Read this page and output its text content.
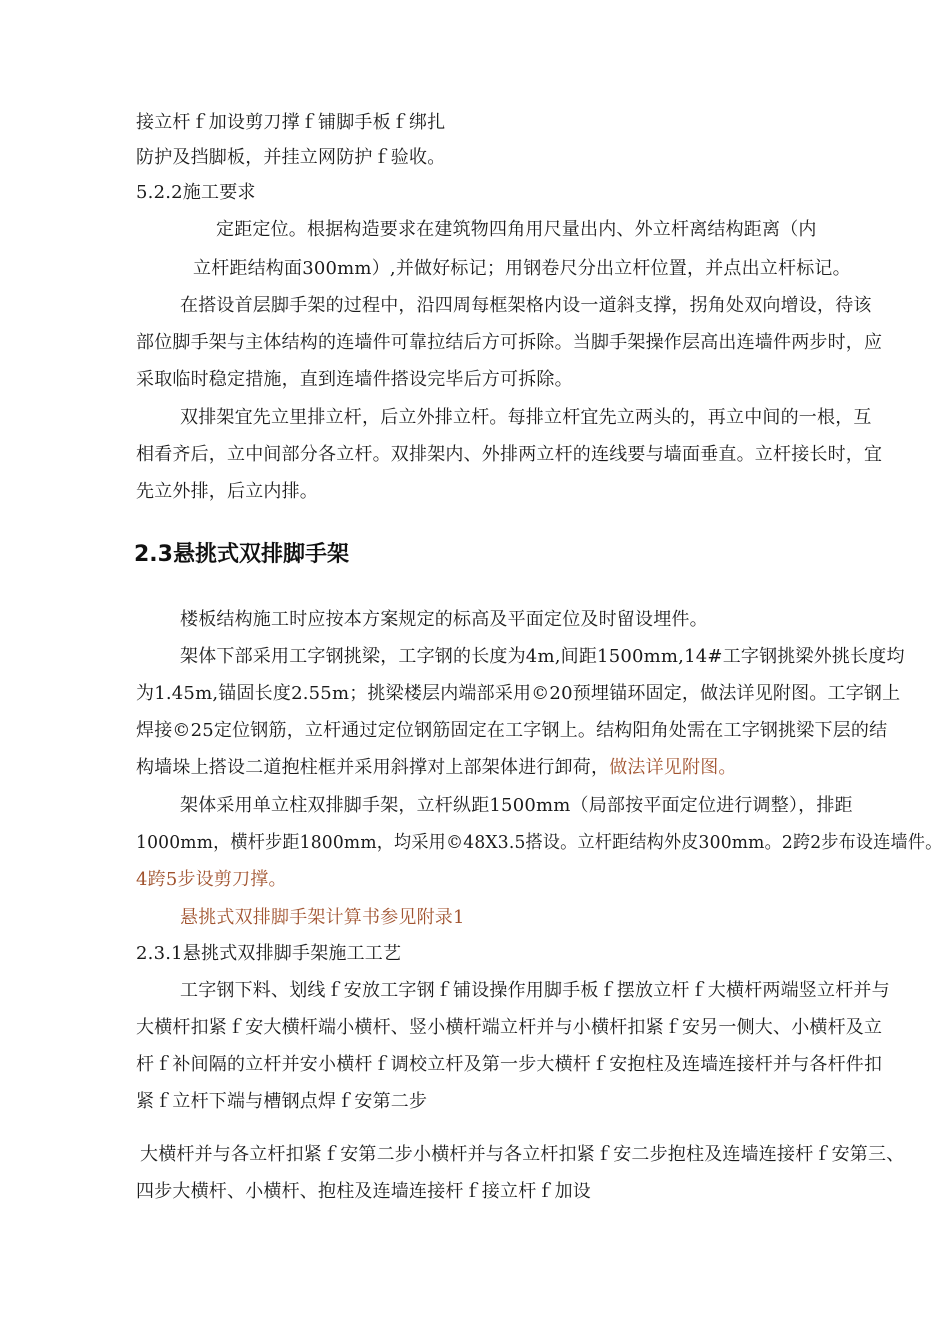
接立杆ｆ加设剪刀撑ｆ铺脚手板ｆ绑扎
防护及挡脚板，并挂立网防护ｆ验收。
5.2.2施工要求
定距定位。根据构造要求在建筑物四角用尺量出内、外立杆离结构距离（内
立杆距结构面300mm）,并做好标记；用钢卷尺分出立杆位置，并点出立杆标记。
在搭设首层脚手架的过程中，沿四周每框架格内设一道斜支撑，拐角处双向增设，待该
部位脚手架与主体结构的连墙件可靠拉结后方可拆除。当脚手架操作层高出连墙件两步时，应
采取临时稳定措施，直到连墙件搭设完毕后方可拆除。
双排架宜先立里排立杆，后立外排立杆。每排立杆宜先立两头的，再立中间的一根，互
相看齐后，立中间部分各立杆。双排架内、外排两立杆的连线要与墙面垂直。立杆接长时，宜
先立外排，后立内排。
2.3悬挑式双排脚手架
楼板结构施工时应按本方案规定的标高及平面定位及时留设埋件。
架体下部采用工字钢挑梁，工字钢的长度为4m,间距1500mm,14#工字钢挑梁外挑长度均
为1.45m,锚固长度2.55m；挑梁楼层内端部采用©20预埋锚环固定，做法详见附图。工字钢上
焊接©25定位钢筋，立杆通过定位钢筋固定在工字钢上。结构阳角处需在工字钢挑梁下层的结
构墙垛上搭设二道抱柱框并采用斜撑对上部架体进行卸荷，做法详见附图。
架体采用单立柱双排脚手架，立杆纵距1500mm（局部按平面定位进行调整），排距
1000mm，横杆步距1800mm，均采用©48X3.5搭设。立杆距结构外皮300mm。2跨2步布设连墙件。
4跨5步设剪刀撑。
悬挑式双排脚手架计算书参见附录1
2.3.1悬挑式双排脚手架施工工艺
工字钢下料、划线ｆ安放工字钢ｆ铺设操作用脚手板ｆ摆放立杆ｆ大横杆两端竖立杆并与
大横杆扣紧ｆ安大横杆端小横杆、竖小横杆端立杆并与小横杆扣紧ｆ安另一侧大、小横杆及立
杆ｆ补间隔的立杆并安小横杆ｆ调校立杆及第一步大横杆ｆ安抱柱及连墙连接杆并与各杆件扣
紧ｆ立杆下端与槽钢点焊ｆ安第二步
大横杆并与各立杆扣紧ｆ安第二步小横杆并与各立杆扣紧ｆ安二步抱柱及连墙连接杆ｆ安第三、
四步大横杆、小横杆、抱柱及连墙连接杆ｆ接立杆ｆ加设
